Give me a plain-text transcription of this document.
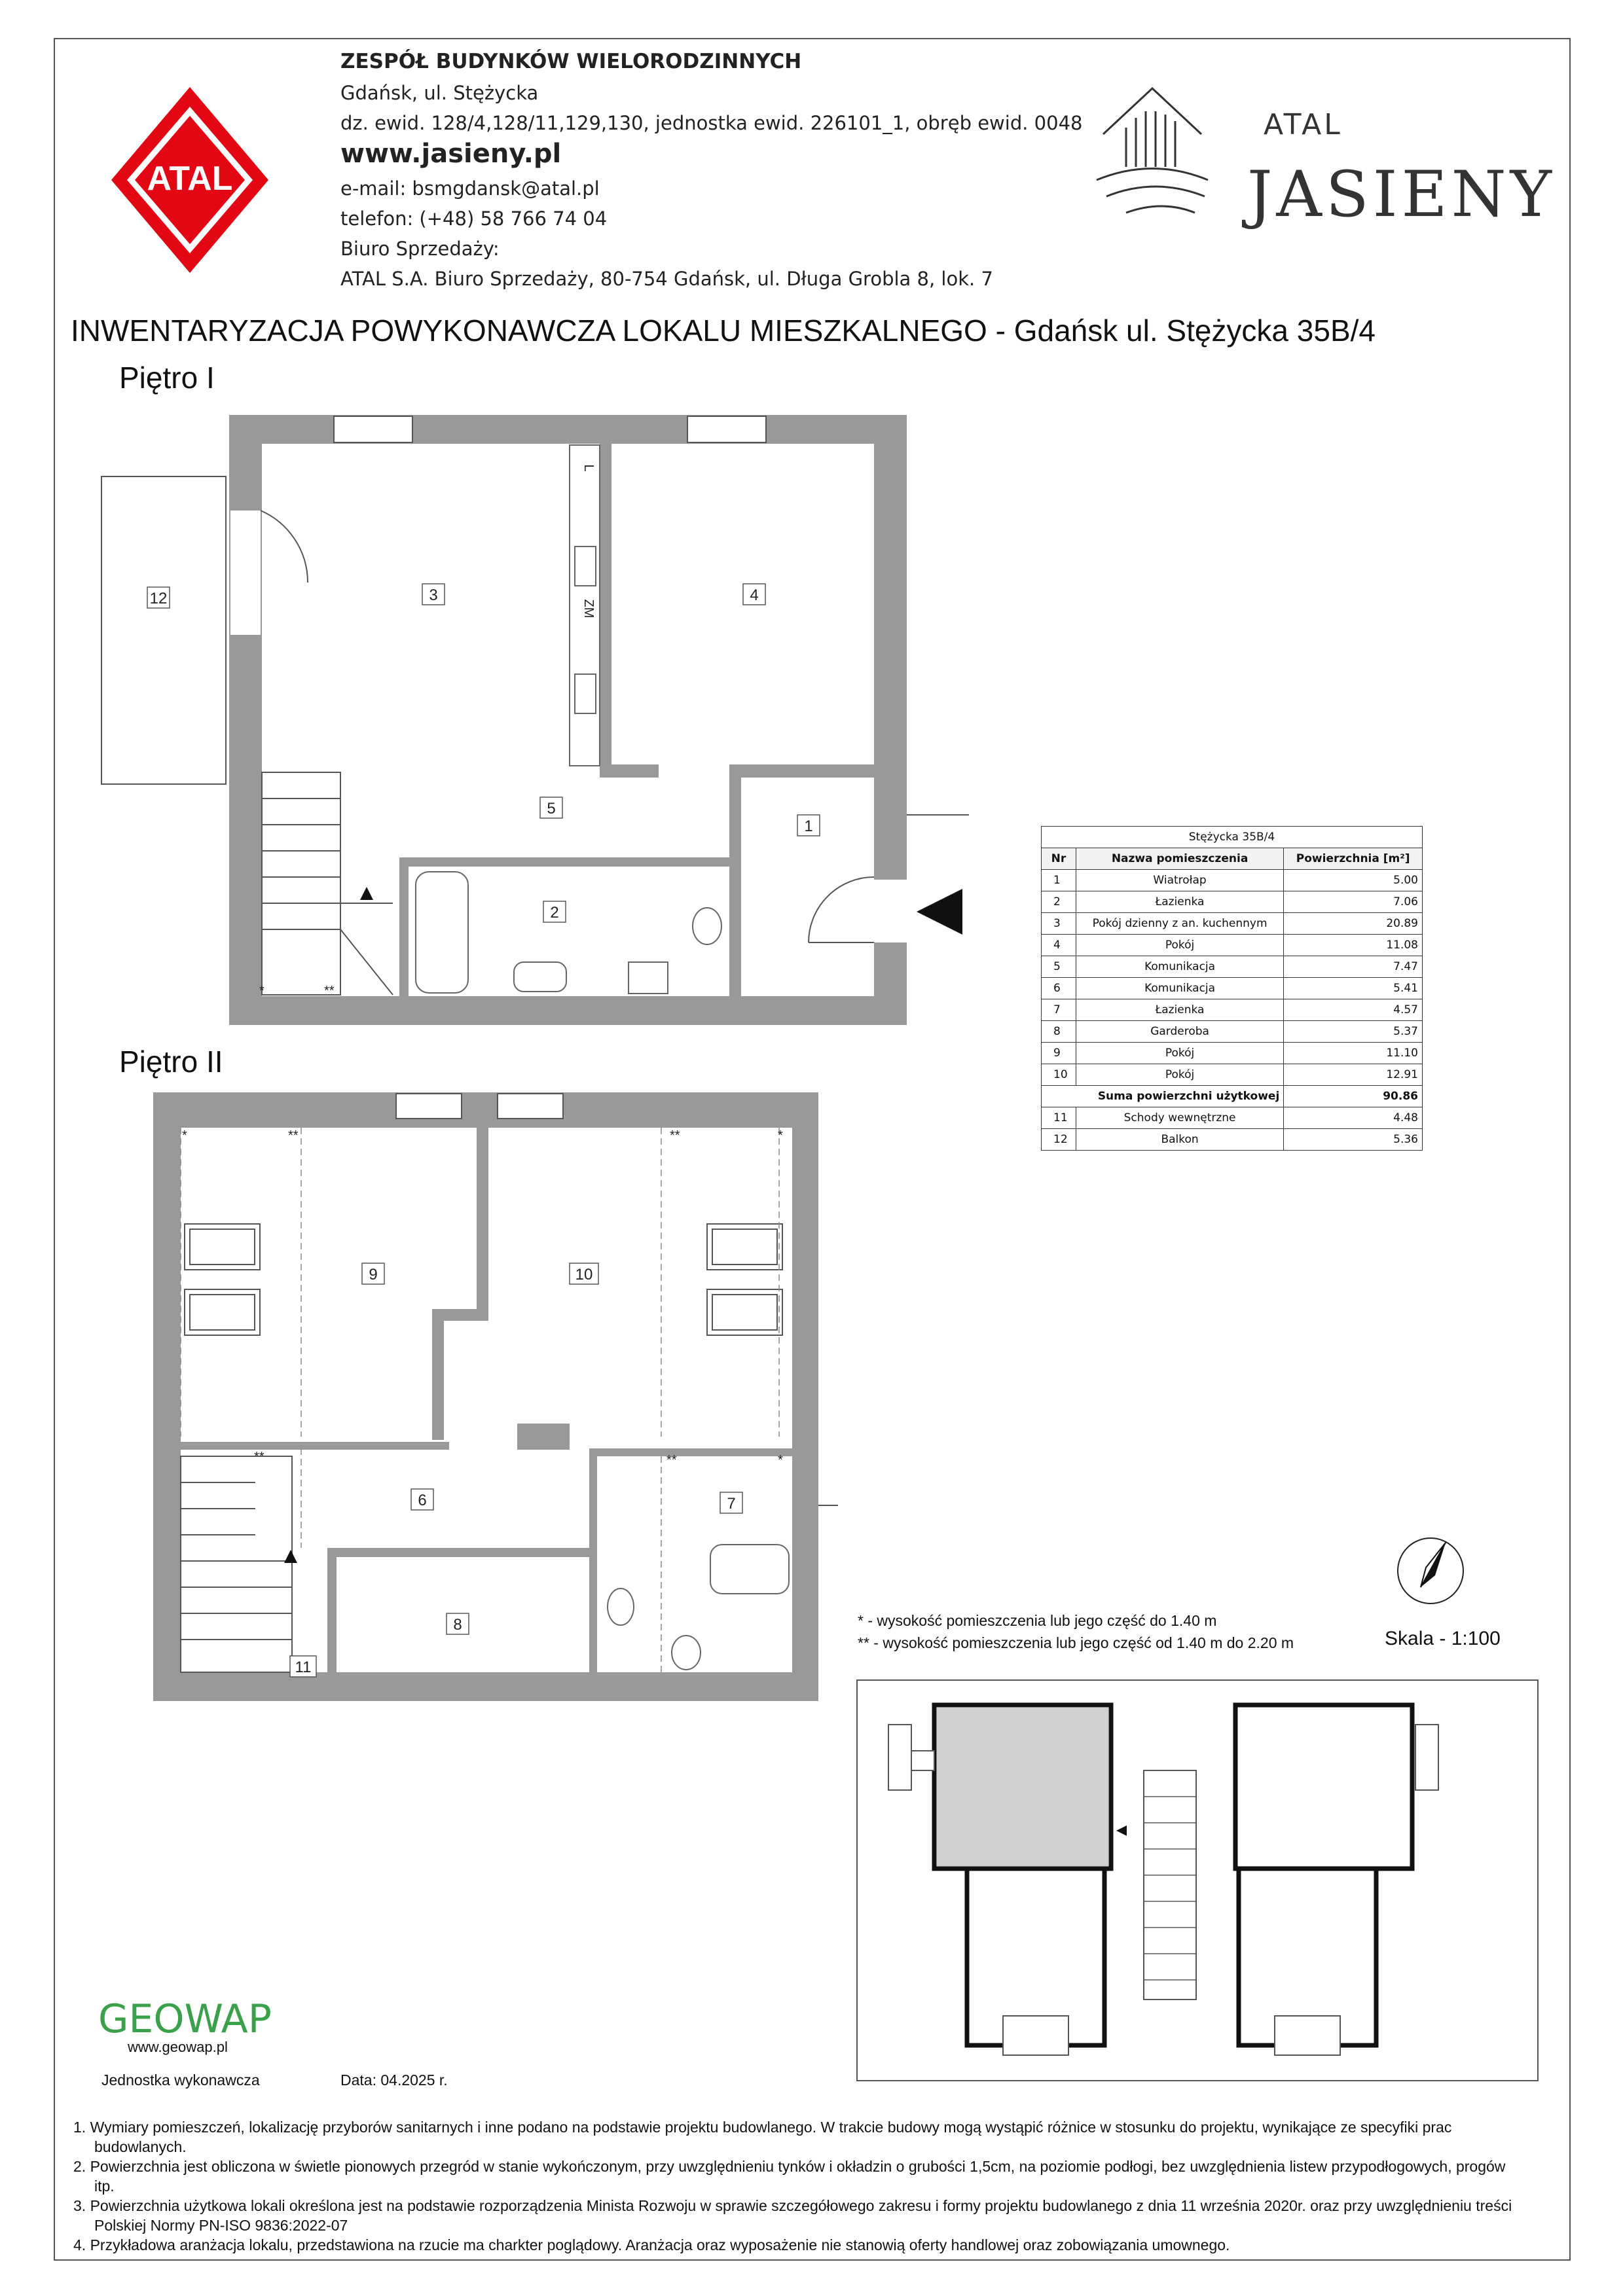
ATAL
ZESPÓŁ BUDYNKÓW WIELORODZINNYCH
Gdańsk, ul. Stężycka
dz. ewid. 128/4,128/11,129,130, jednostka ewid. 226101_1, obręb ewid. 0048
www.jasieny.pl
e-mail: bsmgdansk@atal.pl
telefon: (+48) 58 766 74 04
Biuro Sprzedaży:
ATAL S.A. Biuro Sprzedaży, 80-754 Gdańsk, ul. Długa Grobla 8, lok. 7
ATAL
JASIENY
INWENTARYZACJA POWYKONAWCZA LOKALU MIESZKALNEGO - Gdańsk ul. Stężycka 35B/4
Piętro I
Piętro II
L
ZM
*	**
12	3	4
5
1
2
*	**	**	*
**	**	*
9	10
6	7
8
11
Stężycka 35B/4		
Nr	Nazwa pomieszczenia	Powierzchnia [m²]
1	Wiatrołap	5.00
2	Łazienka	7.06
3	Pokój dzienny z an. kuchennym	20.89
4	Pokój	11.08
5	Komunikacja	7.47
6	Komunikacja	5.41
7	Łazienka	4.57
8	Garderoba	5.37
9	Pokój	11.10
10	Pokój	12.91
Suma powierzchni użytkowej		90.86
11	Schody wewnętrzne	4.48
12	Balkon	5.36
Skala - 1:100
* - wysokość pomieszczenia lub jego część do 1.40 m
** - wysokość pomieszczenia lub jego część od 1.40 m do 2.20 m
GEOWAP
www.geowap.pl
Jednostka wykonawcza	Data: 04.2025 r.

1. Wymiary pomieszczeń, lokalizację przyborów sanitarnych i inne podano na podstawie projektu budowlanego. W trakcie budowy mogą wystąpić różnice w stosunku do projektu, wynikające ze specyfiki prac budowlanych.

2. Powierzchnia jest obliczona w świetle pionowych przegród w stanie wykończonym, przy uwzględnieniu tynków i okładzin o grubości 1,5cm, na poziomie podłogi, bez uwzględnienia listew przypodłogowych, progów itp.

3. Powierzchnia użytkowa lokali określona jest na podstawie rozporządzenia Minista Rozwoju w sprawie szczegółowego zakresu i formy projektu budowlanego z dnia 11 września 2020r. oraz przy uwzględnieniu treści Polskiej Normy PN-ISO 9836:2022-07

4. Przykładowa aranżacja lokalu, przedstawiona na rzucie ma charkter poglądowy. Aranżacja oraz wyposażenie nie stanowią oferty handlowej oraz zobowiązania umownego.
